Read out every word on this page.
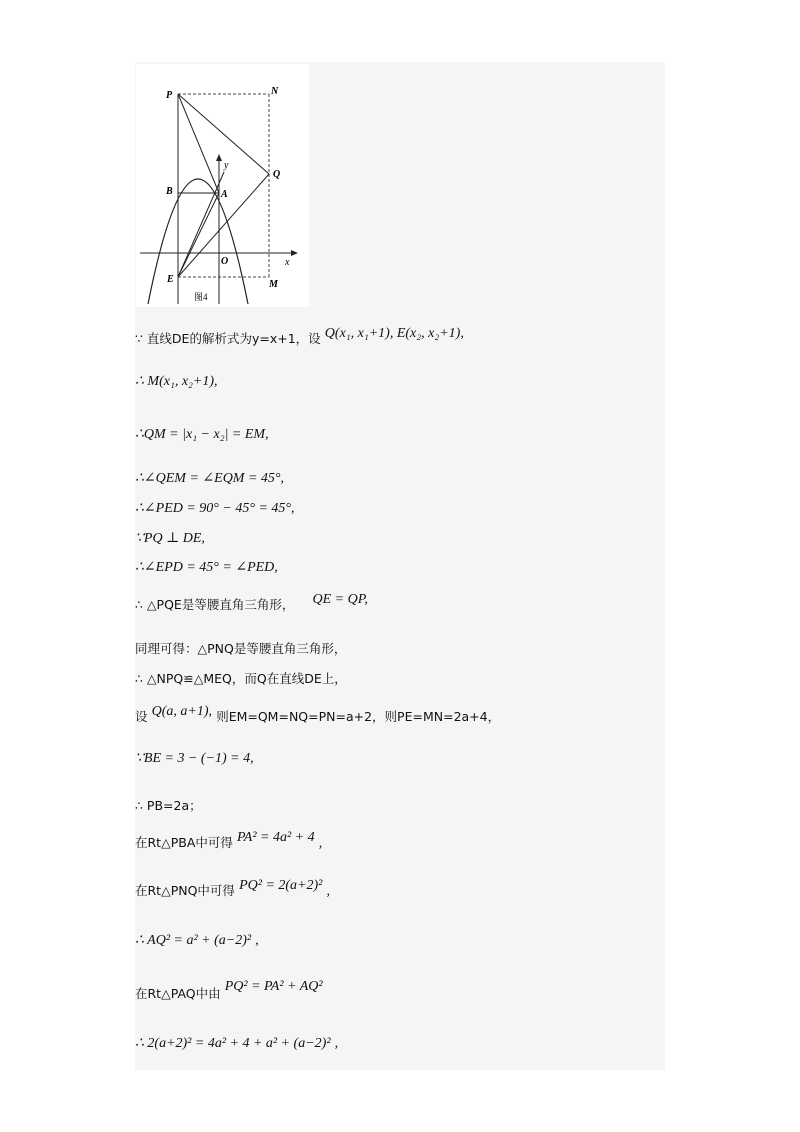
P	N
Q
B	A
y
O	x
E	M
图4
∵ 直线DE的解析式为y=x+1，设 Q(x₁, x₁+1), E(x₂, x₂+1),
∴ M(x₁, x₂+1),
∴QM = |x₁ − x₂| = EM,
∴∠QEM = ∠EQM = 45°,
∴∠PED = 90° − 45° = 45°,
∵PQ ⊥ DE,
∴∠EPD = 45° = ∠PED,
∴ △PQE是等腰直角三角形， QE = QP,
同理可得：△PNQ是等腰直角三角形，
∴ △NPQ≌△MEQ，而Q在直线DE上，
设 Q(a, a+1), 则EM=QM=NQ=PN=a+2，则PE=MN=2a+4，
∵BE = 3 − (−1) = 4,
∴ PB=2a；
在Rt△PBA中可得 PA² = 4a² + 4 ,
在Rt△PNQ中可得 PQ² = 2(a+2)² ,
∴ AQ² = a² + (a−2)² ,
在Rt△PAQ中由 PQ² = PA² + AQ²
∴ 2(a+2)² = 4a² + 4 + a² + (a−2)² ,
